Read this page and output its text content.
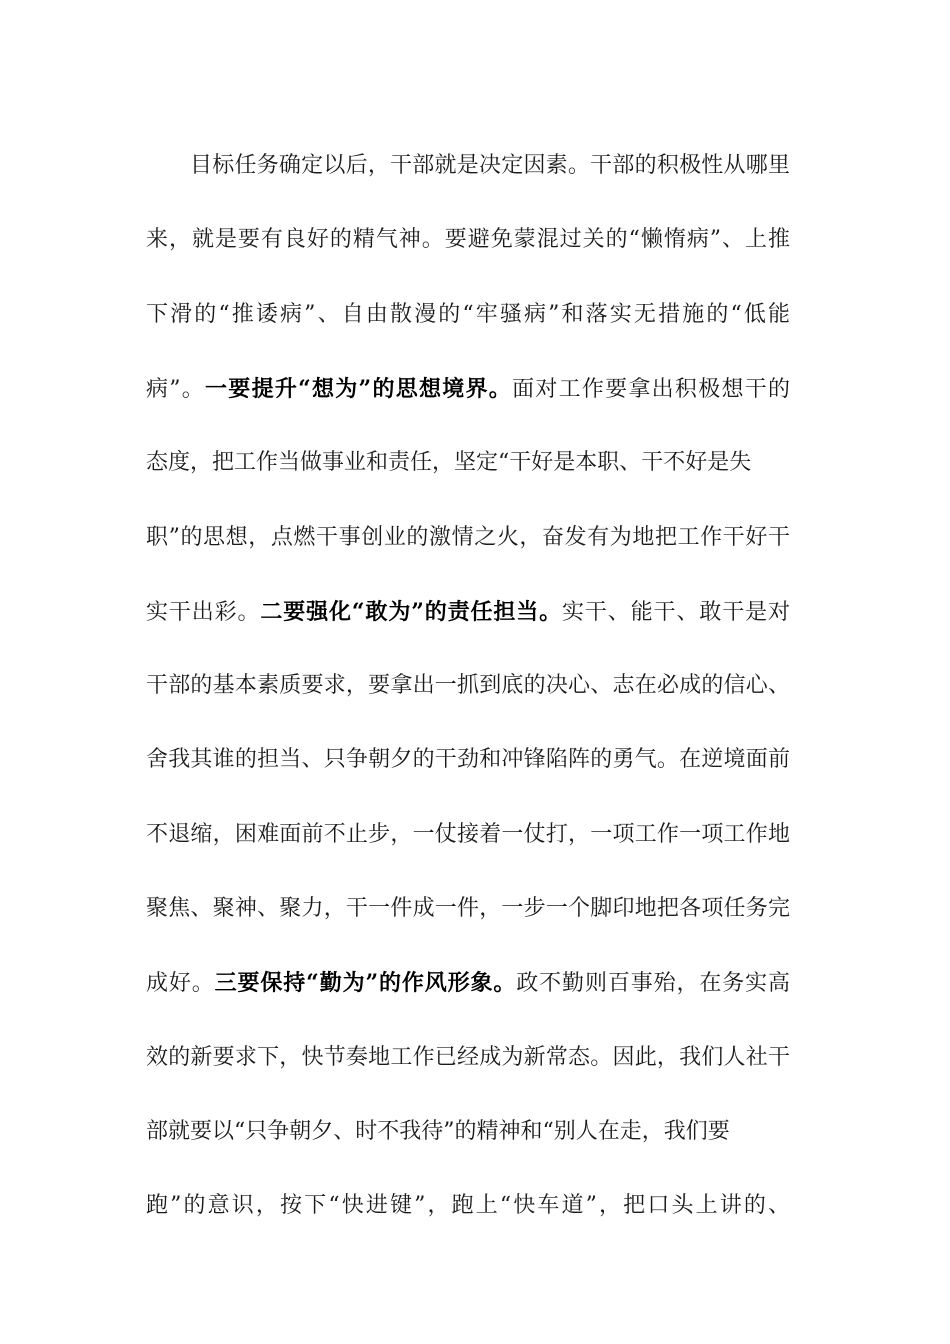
目标任务确定以后，干部就是决定因素。干部的积极性从哪里
来，就是要有良好的精气神。要避免蒙混过关的“懒惰病”、上推
下滑的“推诿病”、自由散漫的“牢骚病”和落实无措施的“低能
病”。一要提升“想为”的思想境界。面对工作要拿出积极想干的
态度，把工作当做事业和责任，坚定“干好是本职、干不好是失
职”的思想，点燃干事创业的激情之火，奋发有为地把工作干好干
实干出彩。二要强化“敢为”的责任担当。实干、能干、敢干是对
干部的基本素质要求，要拿出一抓到底的决心、志在必成的信心、
舍我其谁的担当、只争朝夕的干劲和冲锋陷阵的勇气。在逆境面前
不退缩，困难面前不止步，一仗接着一仗打，一项工作一项工作地
聚焦、聚神、聚力，干一件成一件，一步一个脚印地把各项任务完
成好。三要保持“勤为”的作风形象。政不勤则百事殆，在务实高
效的新要求下，快节奏地工作已经成为新常态。因此，我们人社干
部就要以“只争朝夕、时不我待”的精神和“别人在走，我们要
跑”的意识，按下“快进键”，跑上“快车道”，把口头上讲的、
